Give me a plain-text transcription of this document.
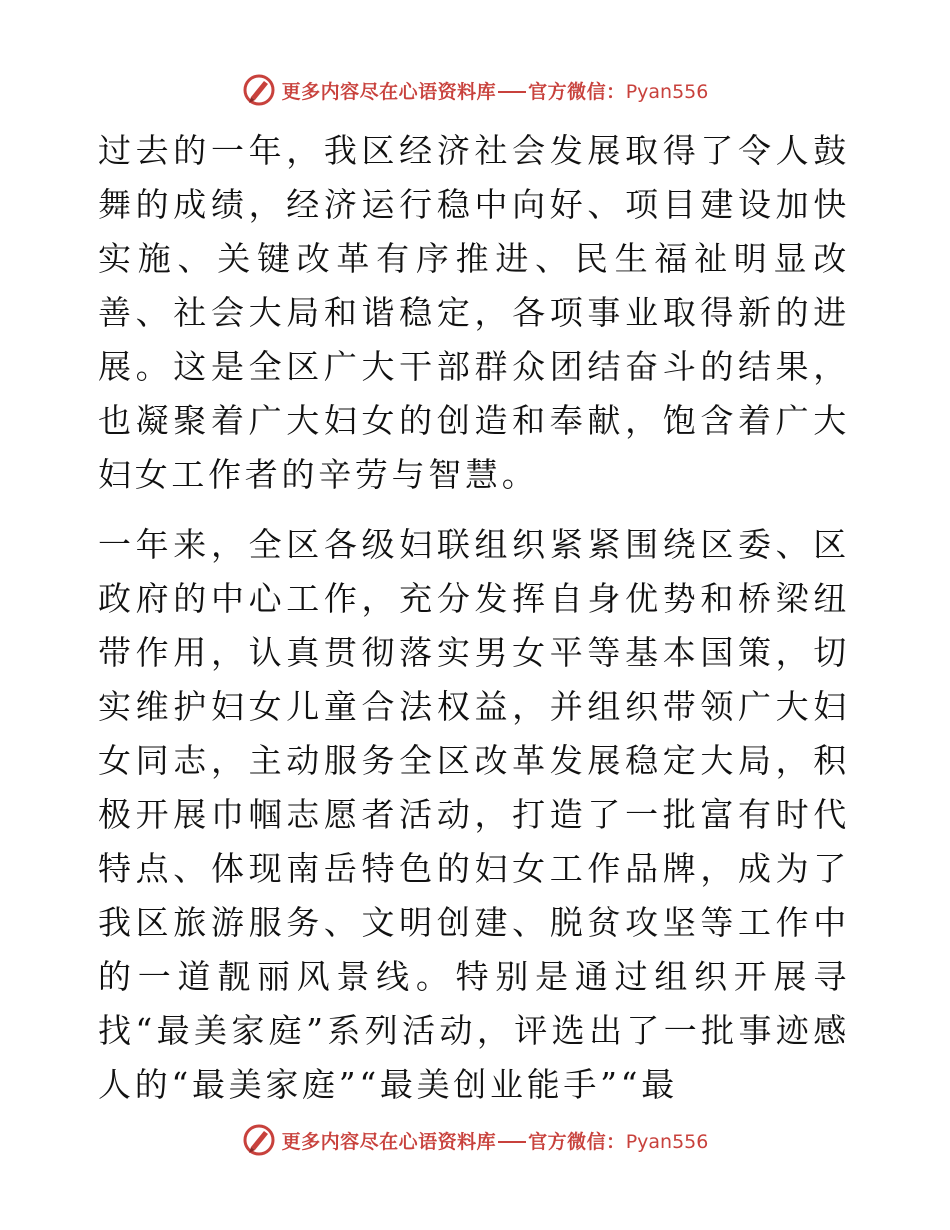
更多内容尽在心语资料库 官方微信：Pyan556

过去的一年，我区经济社会发展取得了令人鼓舞的成绩，经济运行稳中向好、项目建设加快实施、关键改革有序推进、民生福祉明显改善、社会大局和谐稳定，各项事业取得新的进展。这是全区广大干部群众团结奋斗的结果，也凝聚着广大妇女的创造和奉献，饱含着广大妇女工作者的辛劳与智慧。

一年来，全区各级妇联组织紧紧围绕区委、区政府的中心工作，充分发挥自身优势和桥梁纽带作用，认真贯彻落实男女平等基本国策，切实维护妇女儿童合法权益，并组织带领广大妇女同志，主动服务全区改革发展稳定大局，积极开展巾帼志愿者活动，打造了一批富有时代特点、体现南岳特色的妇女工作品牌，成为了我区旅游服务、文明创建、脱贫攻坚等工作中的一道靓丽风景线。特别是通过组织开展寻找“最美家庭”系列活动，评选出了一批事迹感人的“最美家庭”“最美创业能手”“最

更多内容尽在心语资料库 官方微信：Pyan556
